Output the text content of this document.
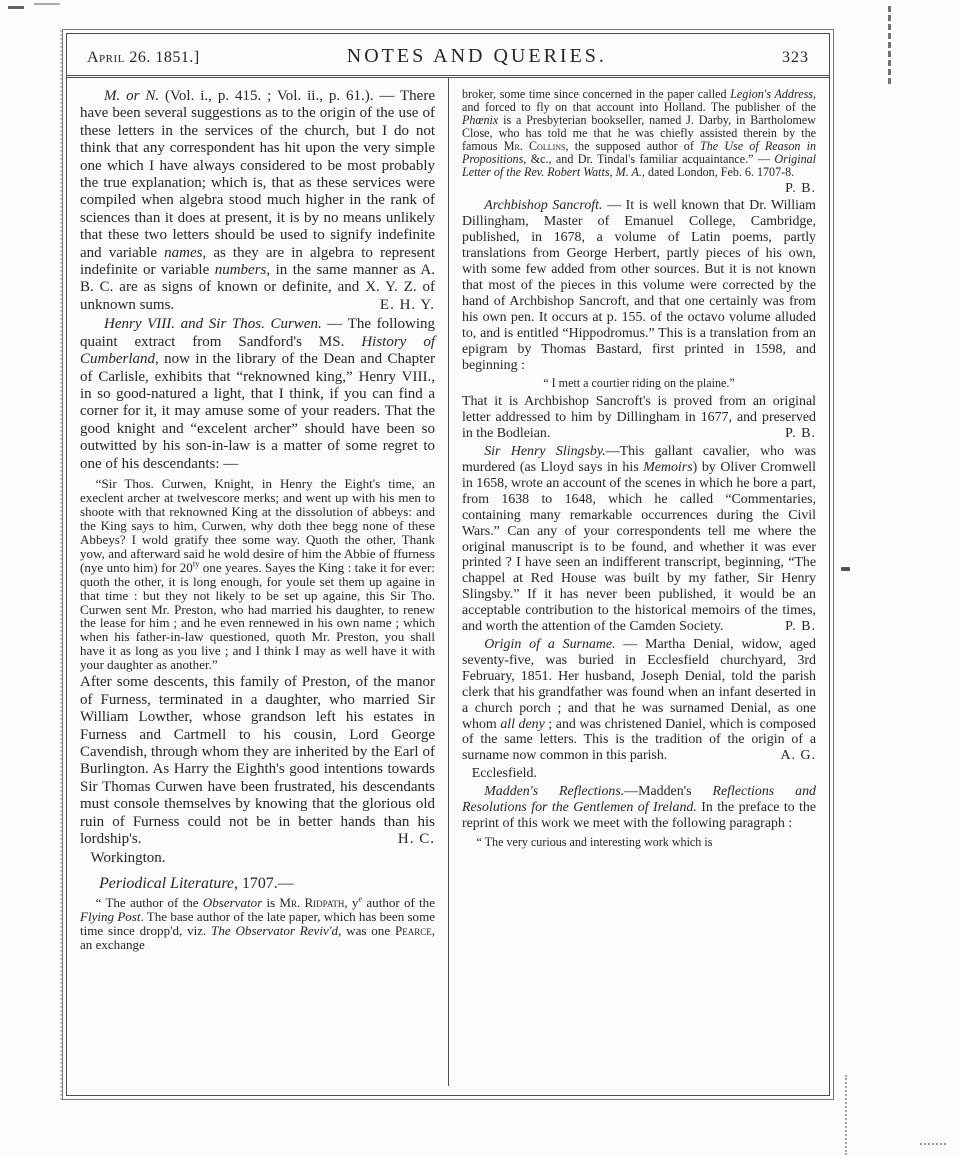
April 26. 1851.]	NOTES AND QUERIES.	323

M. or N. (Vol. i., p. 415. ; Vol. ii., p. 61.). — There have been several suggestions as to the origin of the use of these letters in the services of the church, but I do not think that any correspondent has hit upon the very simple one which I have always considered to be most probably the true explanation; which is, that as these services were compiled when algebra stood much higher in the rank of sciences than it does at present, it is by no means unlikely that these two letters should be used to signify indefinite and variable names, as they are in algebra to represent indefinite or variable numbers, in the same manner as A. B. C. are as signs of known or definite, and X. Y. Z. of unknown sums.	E. H. Y.

Henry VIII. and Sir Thos. Curwen. — The following quaint extract from Sandford's MS. History of Cumberland, now in the library of the Dean and Chapter of Carlisle, exhibits that “reknowned king,” Henry VIII., in so good-natured a light, that I think, if you can find a corner for it, it may amuse some of your readers. That the good knight and “excelent archer” should have been so outwitted by his son-in-law is a matter of some regret to one of his descendants: —

“Sir Thos. Curwen, Knight, in Henry the Eight's time, an execlent archer at twelvescore merks; and went up with his men to shoote with that reknowned King at the dissolution of abbeys: and the King says to him, Curwen, why doth thee begg none of these Abbeys? I wold gratify thee some way. Quoth the other, Thank yow, and afterward said he wold desire of him the Abbie of ffurness (nye unto him) for $20^{ty}$ one yeares. Sayes the King : take it for ever: quoth the other, it is long enough, for youle set them up againe in that time : but they not likely to be set up againe, this Sir Tho. Curwen sent Mr. Preston, who had married his daughter, to renew the lease for him ; and he even rennewed in his own name ; which when his father-in-law questioned, quoth Mr. Preston, you shall have it as long as you live ; and I think I may as well have it with your daughter as another.”

After some descents, this family of Preston, of the manor of Furness, terminated in a daughter, who married Sir William Lowther, whose grandson left his estates in Furness and Cartmell to his cousin, Lord George Cavendish, through whom they are inherited by the Earl of Burlington. As Harry the Eighth's good intentions towards Sir Thomas Curwen have been frustrated, his descendants must console themselves by knowing that the glorious old ruin of Furness could not be in better hands than his lordship's.	H. C.

Workington.

Periodical Literature, 1707.—

“ The author of the Observator is Mr. Ridpath, $y^e$ author of the Flying Post. The base author of the late paper, which has been some time since dropp'd, viz. The Observator Reviv'd, was one Pearce, an exchange

broker, some time since concerned in the paper called Legion's Address, and forced to fly on that account into Holland. The publisher of the Phœnix is a Presbyterian bookseller, named J. Darby, in Bartholomew Close, who has told me that he was chiefly assisted therein by the famous Mr. Collins, the supposed author of The Use of Reason in Propositions, &c., and Dr. Tindal's familiar acquaintance.” — Original Letter of the Rev. Robert Watts, M. A., dated London, Feb. 6. 1707-8.

P. B.

Archbishop Sancroft. — It is well known that Dr. William Dillingham, Master of Emanuel College, Cambridge, published, in 1678, a volume of Latin poems, partly translations from George Herbert, partly pieces of his own, with some few added from other sources. But it is not known that most of the pieces in this volume were corrected by the hand of Archbishop Sancroft, and that one certainly was from his own pen. It occurs at p. 155. of the octavo volume alluded to, and is entitled “Hippodromus.” This is a translation from an epigram by Thomas Bastard, first printed in 1598, and beginning :

“ I mett a courtier riding on the plaine.”

That it is Archbishop Sancroft's is proved from an original letter addressed to him by Dillingham in 1677, and preserved in the Bodleian.	P. B.

Sir Henry Slingsby.—This gallant cavalier, who was murdered (as Lloyd says in his Memoirs) by Oliver Cromwell in 1658, wrote an account of the scenes in which he bore a part, from 1638 to 1648, which he called “Commentaries, containing many remarkable occurrences during the Civil Wars.” Can any of your correspondents tell me where the original manuscript is to be found, and whether it was ever printed ? I have seen an indifferent transcript, beginning, “The chappel at Red House was built by my father, Sir Henry Slingsby.” If it has never been published, it would be an acceptable contribution to the historical memoirs of the times, and worth the attention of the Camden Society.	P. B.

Origin of a Surname. — Martha Denial, widow, aged seventy-five, was buried in Ecclesfield churchyard, 3rd February, 1851. Her husband, Joseph Denial, told the parish clerk that his grandfather was found when an infant deserted in a church porch ; and that he was surnamed Denial, as one whom all deny ; and was christened Daniel, which is composed of the same letters. This is the tradition of the origin of a surname now common in this parish.	A. G.

Ecclesfield.

Madden's Reflections.—Madden's Reflections and Resolutions for the Gentlemen of Ireland. In the preface to the reprint of this work we meet with the following paragraph :

“ The very curious and interesting work which is
